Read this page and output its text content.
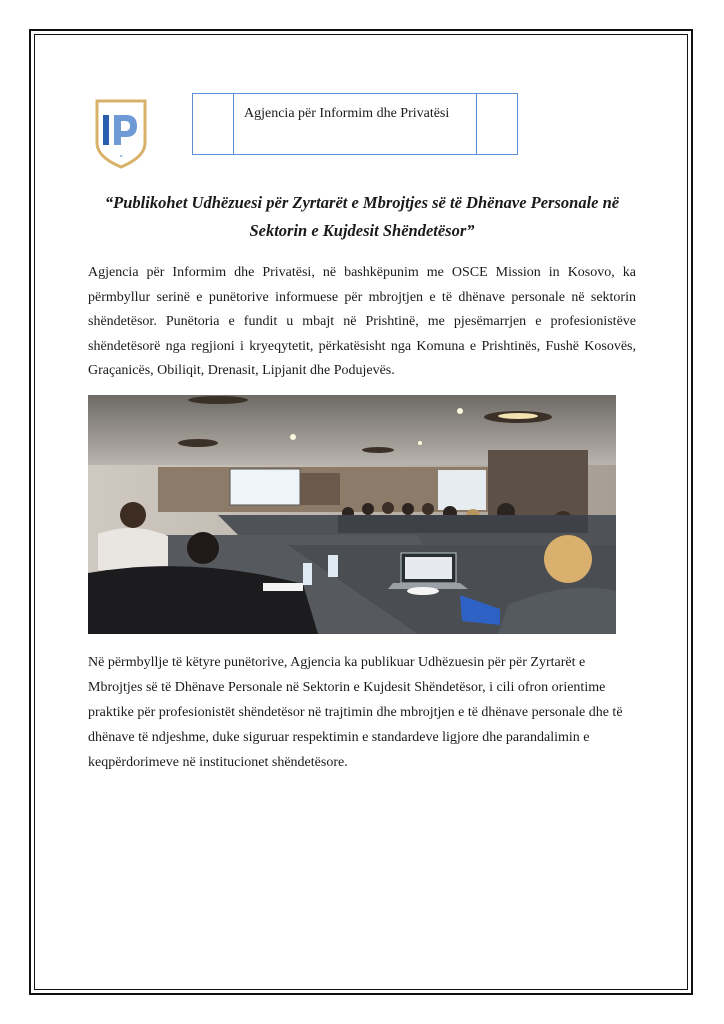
IP
Agjencia për Informim dhe Privatësi
“Publikohet Udhëzuesi për Zyrtarët e Mbrojtjes së të Dhënave Personale në
Sektorin e Kujdesit Shëndetësor”

Agjencia për Informim dhe Privatësi, në bashkëpunim me OSCE Mission in Kosovo, ka përmbyllur serinë e punëtorive informuese për mbrojtjen e të dhënave personale në sektorin shëndetësor. Punëtoria e fundit u mbajt në Prishtinë, me pjesëmarrjen e profesionistëve shëndetësorë nga regjioni i kryeqytetit, përkatësisht nga Komuna e Prishtinës, Fushë Kosovës, Graçanicës, Obiliqit, Drenasit, Lipjanit dhe Podujevës.

Në përmbyllje të këtyre punëtorive, Agjencia ka publikuar Udhëzuesin për për Zyrtarët e Mbrojtjes së të Dhënave Personale në Sektorin e Kujdesit Shëndetësor, i cili ofron orientime praktike për profesionistët shëndetësor në trajtimin dhe mbrojtjen e të dhënave personale dhe të dhënave të ndjeshme, duke siguruar respektimin e standardeve ligjore dhe parandalimin e keqpërdorimeve në institucionet shëndetësore.
